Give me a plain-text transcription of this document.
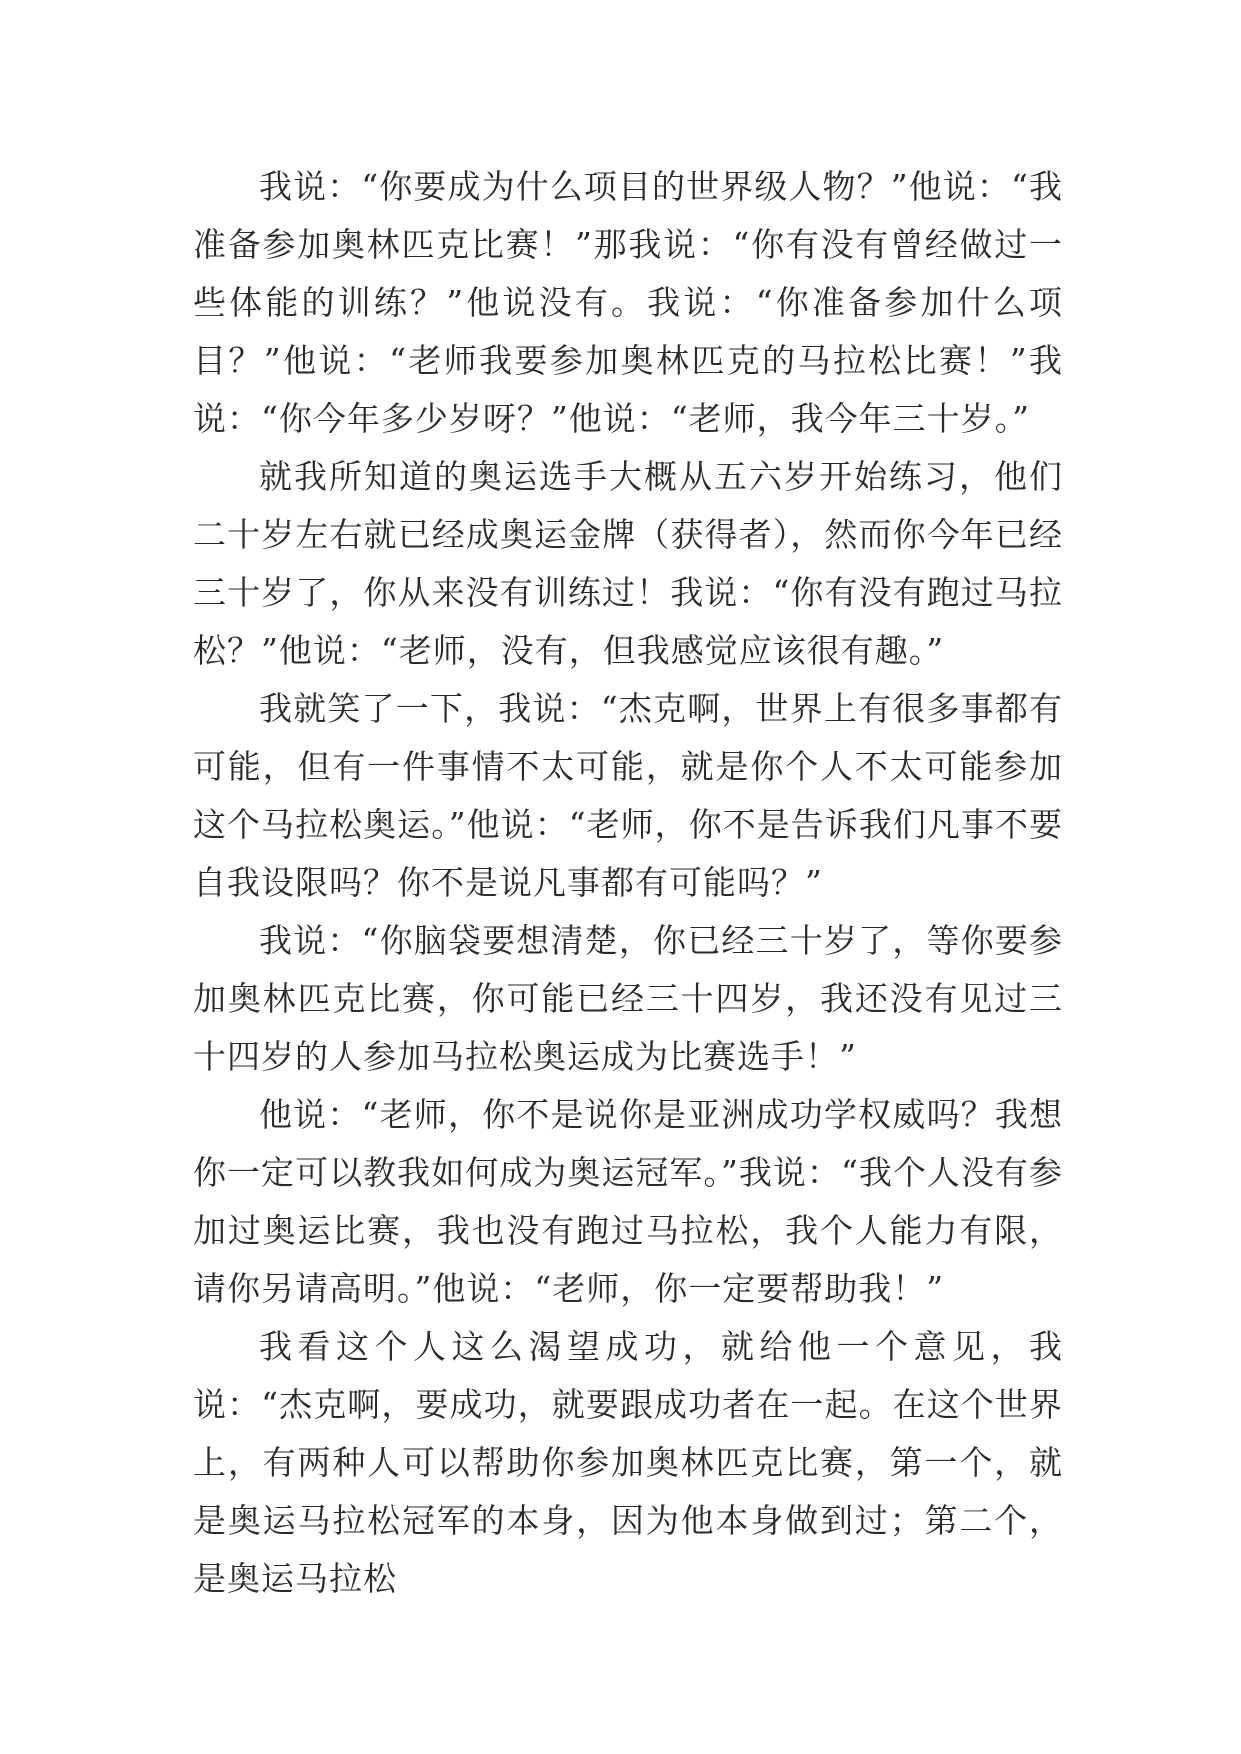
我说：“你要成为什么项目的世界级人物？”他说：“我准备参加奥林匹克比赛！”那我说：“你有没有曾经做过一些体能的训练？”他说没有。我说：“你准备参加什么项目？”他说：“老师我要参加奥林匹克的马拉松比赛！”我说：“你今年多少岁呀？”他说：“老师，我今年三十岁。”

就我所知道的奥运选手大概从五六岁开始练习，他们二十岁左右就已经成奥运金牌（获得者），然而你今年已经三十岁了，你从来没有训练过！我说：“你有没有跑过马拉松？”他说：“老师，没有，但我感觉应该很有趣。”

我就笑了一下，我说：“杰克啊，世界上有很多事都有可能，但有一件事情不太可能，就是你个人不太可能参加这个马拉松奥运。”他说：“老师，你不是告诉我们凡事不要自我设限吗？你不是说凡事都有可能吗？”

我说：“你脑袋要想清楚，你已经三十岁了，等你要参加奥林匹克比赛，你可能已经三十四岁，我还没有见过三十四岁的人参加马拉松奥运成为比赛选手！”

他说：“老师，你不是说你是亚洲成功学权威吗？我想你一定可以教我如何成为奥运冠军。”我说：“我个人没有参加过奥运比赛，我也没有跑过马拉松，我个人能力有限，请你另请高明。”他说：“老师，你一定要帮助我！”

我看这个人这么渴望成功，就给他一个意见，我说：“杰克啊，要成功，就要跟成功者在一起。在这个世界上，有两种人可以帮助你参加奥林匹克比赛，第一个，就是奥运马拉松冠军的本身，因为他本身做到过；第二个，是奥运马拉松
